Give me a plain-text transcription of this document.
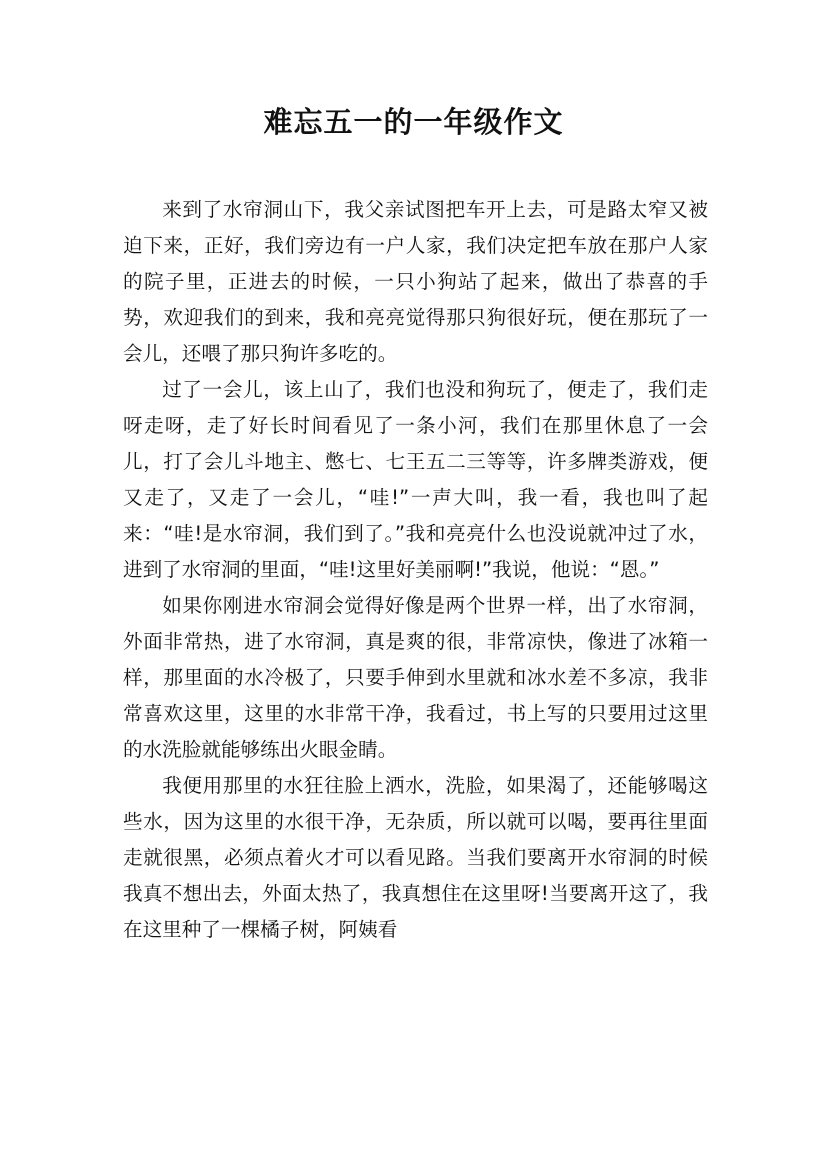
难忘五一的一年级作文

来到了水帘洞山下，我父亲试图把车开上去，可是路太窄又被迫下来，正好，我们旁边有一户人家，我们决定把车放在那户人家的院子里，正进去的时候，一只小狗站了起来，做出了恭喜的手势，欢迎我们的到来，我和亮亮觉得那只狗很好玩，便在那玩了一会儿，还喂了那只狗许多吃的。

过了一会儿，该上山了，我们也没和狗玩了，便走了，我们走呀走呀，走了好长时间看见了一条小河，我们在那里休息了一会儿，打了会儿斗地主、憋七、七王五二三等等，许多牌类游戏，便又走了，又走了一会儿，“哇!”一声大叫，我一看，我也叫了起来：“哇!是水帘洞，我们到了。”我和亮亮什么也没说就冲过了水，进到了水帘洞的里面，“哇!这里好美丽啊!”我说，他说：“恩。”

如果你刚进水帘洞会觉得好像是两个世界一样，出了水帘洞，外面非常热，进了水帘洞，真是爽的很，非常凉快，像进了冰箱一样，那里面的水冷极了，只要手伸到水里就和冰水差不多凉，我非常喜欢这里，这里的水非常干净，我看过，书上写的只要用过这里的水洗脸就能够练出火眼金睛。

我便用那里的水狂往脸上洒水，洗脸，如果渴了，还能够喝这些水，因为这里的水很干净，无杂质，所以就可以喝，要再往里面走就很黑，必须点着火才可以看见路。当我们要离开水帘洞的时候我真不想出去，外面太热了，我真想住在这里呀!当要离开这了，我在这里种了一棵橘子树，阿姨看
